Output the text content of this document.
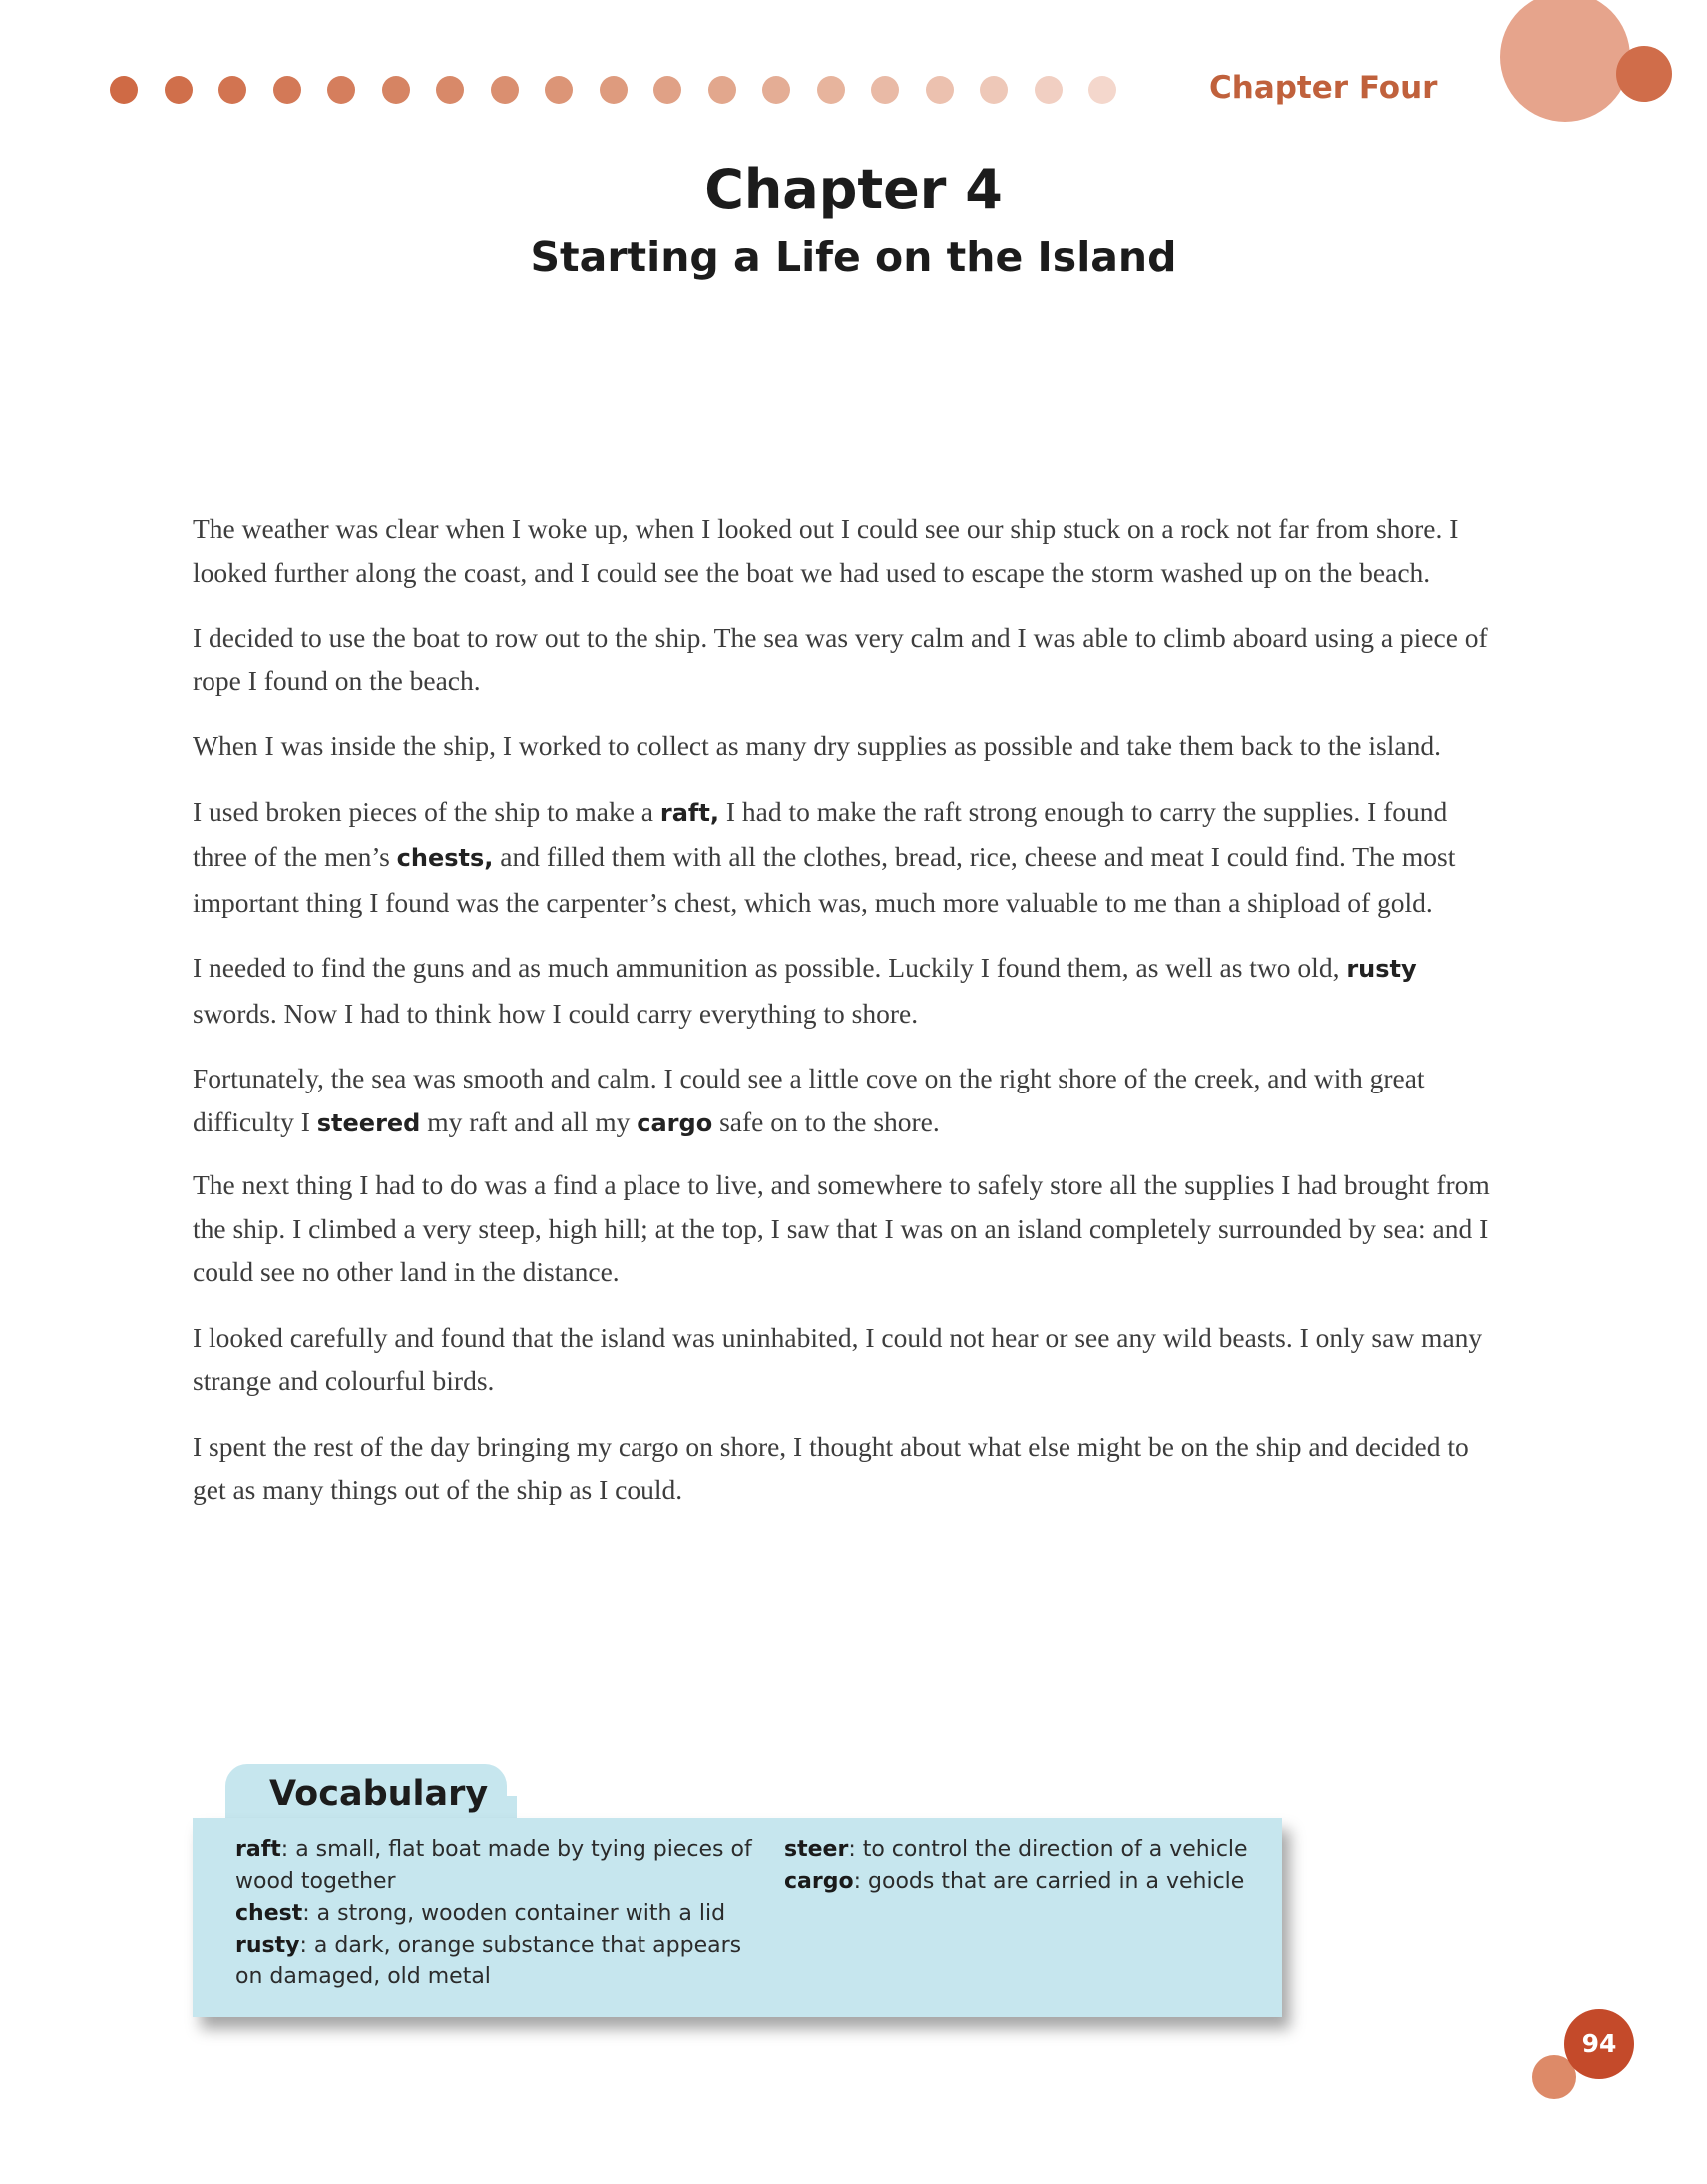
Chapter Four
Chapter 4
Starting a Life on the Island

The weather was clear when I woke up, when I looked out I could see our ship stuck on a rock not far from shore. I looked further along the coast, and I could see the boat we had used to escape the storm washed up on the beach.

I decided to use the boat to row out to the ship. The sea was very calm and I was able to climb aboard using a piece of rope I found on the beach.

When I was inside the ship, I worked to collect as many dry supplies as possible and take them back to the island.

I used broken pieces of the ship to make a raft, I had to make the raft strong enough to carry the supplies. I found three of the men’s chests, and filled them with all the clothes, bread, rice, cheese and meat I could find. The most important thing I found was the carpenter’s chest, which was, much more valuable to me than a shipload of gold.

I needed to find the guns and as much ammunition as possible. Luckily I found them, as well as two old, rusty swords. Now I had to think how I could carry everything to shore.

Fortunately, the sea was smooth and calm. I could see a little cove on the right shore of the creek, and with great difficulty I steered my raft and all my cargo safe on to the shore.

The next thing I had to do was a find a place to live, and somewhere to safely store all the supplies I had brought from the ship. I climbed a very steep, high hill; at the top, I saw that I was on an island completely surrounded by sea: and I could see no other land in the distance.

I looked carefully and found that the island was uninhabited, I could not hear or see any wild beasts. I only saw many strange and colourful birds.

I spent the rest of the day bringing my cargo on shore, I thought about what else might be on the ship and decided to get as many things out of the ship as I could.

Vocabulary

raft: a small, flat boat made by tying pieces of wood together

chest: a strong, wooden container with a lid

rusty: a dark, orange substance that appears on damaged, old metal

steer: to control the direction of a vehicle

cargo: goods that are carried in a vehicle

94
